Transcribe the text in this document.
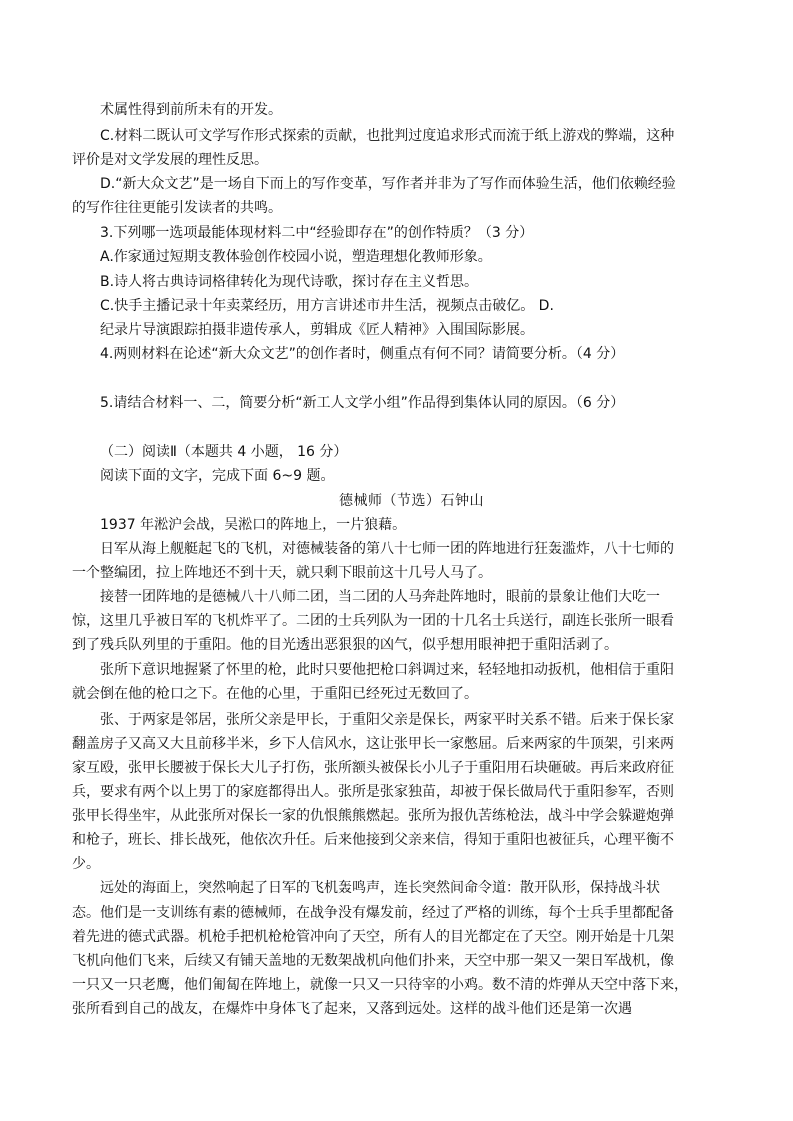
术属性得到前所未有的开发。
C.材料二既认可文学写作形式探索的贡献，也批判过度追求形式而流于纸上游戏的弊端，这种
评价是对文学发展的理性反思。
D.“新大众文艺”是一场自下而上的写作变革，写作者并非为了写作而体验生活，他们依赖经验
的写作往往更能引发读者的共鸣。
3.下列哪一选项最能体现材料二中“经验即存在”的创作特质？（3 分）
A.作家通过短期支教体验创作校园小说，塑造理想化教师形象。
B.诗人将古典诗词格律转化为现代诗歌，探讨存在主义哲思。
C.快手主播记录十年卖菜经历，用方言讲述市井生活，视频点击破亿。 D.
纪录片导演跟踪拍摄非遗传承人，剪辑成《匠人精神》入围国际影展。
4.两则材料在论述“新大众文艺”的创作者时，侧重点有何不同？请简要分析。（4 分）
5.请结合材料一、二，简要分析“新工人文学小组”作品得到集体认同的原因。（6 分）
（二）阅读Ⅱ（本题共 4 小题， 16 分）
阅读下面的文字，完成下面 6~9 题。
德械师（节选）石钟山
1937 年淞沪会战，吴淞口的阵地上，一片狼藉。
日军从海上舰艇起飞的飞机，对德械装备的第八十七师一团的阵地进行狂轰滥炸，八十七师的
一个整编团，拉上阵地还不到十天，就只剩下眼前这十几号人马了。
接替一团阵地的是德械八十八师二团，当二团的人马奔赴阵地时，眼前的景象让他们大吃一
惊，这里几乎被日军的飞机炸平了。二团的士兵列队为一团的十几名士兵送行，副连长张所一眼看
到了残兵队列里的于重阳。他的目光透出恶狠狠的凶气，似乎想用眼神把于重阳活剥了。
张所下意识地握紧了怀里的枪，此时只要他把枪口斜调过来，轻轻地扣动扳机，他相信于重阳
就会倒在他的枪口之下。在他的心里，于重阳已经死过无数回了。
张、于两家是邻居，张所父亲是甲长，于重阳父亲是保长，两家平时关系不错。后来于保长家
翻盖房子又高又大且前移半米，乡下人信风水，这让张甲长一家憋屈。后来两家的牛顶架，引来两
家互殴，张甲长腰被于保长大儿子打伤，张所额头被保长小儿子于重阳用石块砸破。再后来政府征
兵，要求有两个以上男丁的家庭都得出人。张所是张家独苗，却被于保长做局代于重阳参军，否则
张甲长得坐牢，从此张所对保长一家的仇恨熊熊燃起。张所为报仇苦练枪法，战斗中学会躲避炮弹
和枪子，班长、排长战死，他依次升任。后来他接到父亲来信，得知于重阳也被征兵，心理平衡不
少。
远处的海面上，突然响起了日军的飞机轰鸣声，连长突然间命令道：散开队形，保持战斗状
态。他们是一支训练有素的德械师，在战争没有爆发前，经过了严格的训练，每个士兵手里都配备
着先进的德式武器。机枪手把机枪枪管冲向了天空，所有人的目光都定在了天空。刚开始是十几架
飞机向他们飞来，后续又有铺天盖地的无数架战机向他们扑来，天空中那一架又一架日军战机，像
一只又一只老鹰，他们匍匐在阵地上，就像一只又一只待宰的小鸡。数不清的炸弹从天空中落下来，
张所看到自己的战友，在爆炸中身体飞了起来，又落到远处。这样的战斗他们还是第一次遇
